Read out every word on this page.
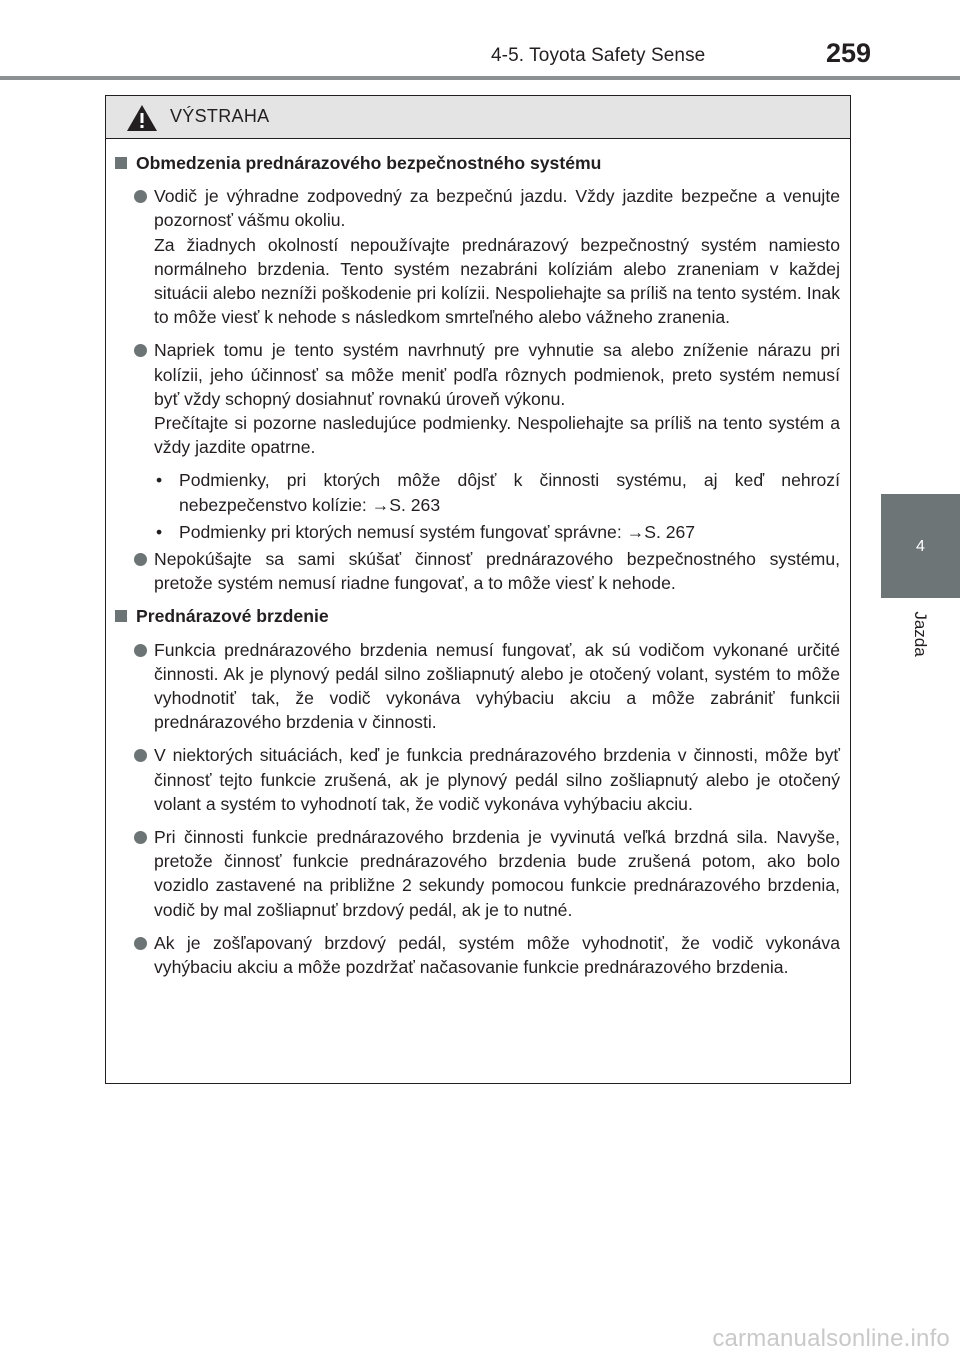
4-5. Toyota Safety Sense	259
4
Jazda
VÝSTRAHA
Obmedzenia prednárazového bezpečnostného systému
Vodič je výhradne zodpovedný za bezpečnú jazdu. Vždy jazdite bezpečne a venujte pozornosť vášmu okoliu.
Za žiadnych okolností nepoužívajte prednárazový bezpečnostný systém namiesto normálneho brzdenia. Tento systém nezabráni kolíziám alebo zraneniam v každej situácii alebo nezníži poškodenie pri kolízii. Nespoliehajte sa príliš na tento systém. Inak to môže viesť k nehode s následkom smrteľného alebo vážneho zranenia.
Napriek tomu je tento systém navrhnutý pre vyhnutie sa alebo zníženie nárazu pri kolízii, jeho účinnosť sa môže meniť podľa rôznych podmienok, preto systém nemusí byť vždy schopný dosiahnuť rovnakú úroveň výkonu.
Prečítajte si pozorne nasledujúce podmienky. Nespoliehajte sa príliš na tento systém a vždy jazdite opatrne.
• Podmienky, pri ktorých môže dôjsť k činnosti systému, aj keď nehrozí nebezpečenstvo kolízie: →S. 263
• Podmienky pri ktorých nemusí systém fungovať správne: →S. 267
Nepokúšajte sa sami skúšať činnosť prednárazového bezpečnostného systému, pretože systém nemusí riadne fungovať, a to môže viesť k nehode.
Prednárazové brzdenie
Funkcia prednárazového brzdenia nemusí fungovať, ak sú vodičom vykonané určité činnosti. Ak je plynový pedál silno zošliapnutý alebo je otočený volant, systém to môže vyhodnotiť tak, že vodič vykonáva vyhýbaciu akciu a môže zabrániť funkcii prednárazového brzdenia v činnosti.
V niektorých situáciách, keď je funkcia prednárazového brzdenia v činnosti, môže byť činnosť tejto funkcie zrušená, ak je plynový pedál silno zošliapnutý alebo je otočený volant a systém to vyhodnotí tak, že vodič vykonáva vyhýbaciu akciu.
Pri činnosti funkcie prednárazového brzdenia je vyvinutá veľká brzdná sila. Navyše, pretože činnosť funkcie prednárazového brzdenia bude zrušená potom, ako bolo vozidlo zastavené na približne 2 sekundy pomocou funkcie prednárazového brzdenia, vodič by mal zošliapnuť brzdový pedál, ak je to nutné.
Ak je zošľapovaný brzdový pedál, systém môže vyhodnotiť, že vodič vykonáva vyhýbaciu akciu a môže pozdržať načasovanie funkcie prednárazového brzdenia.
carmanualsonline.info
